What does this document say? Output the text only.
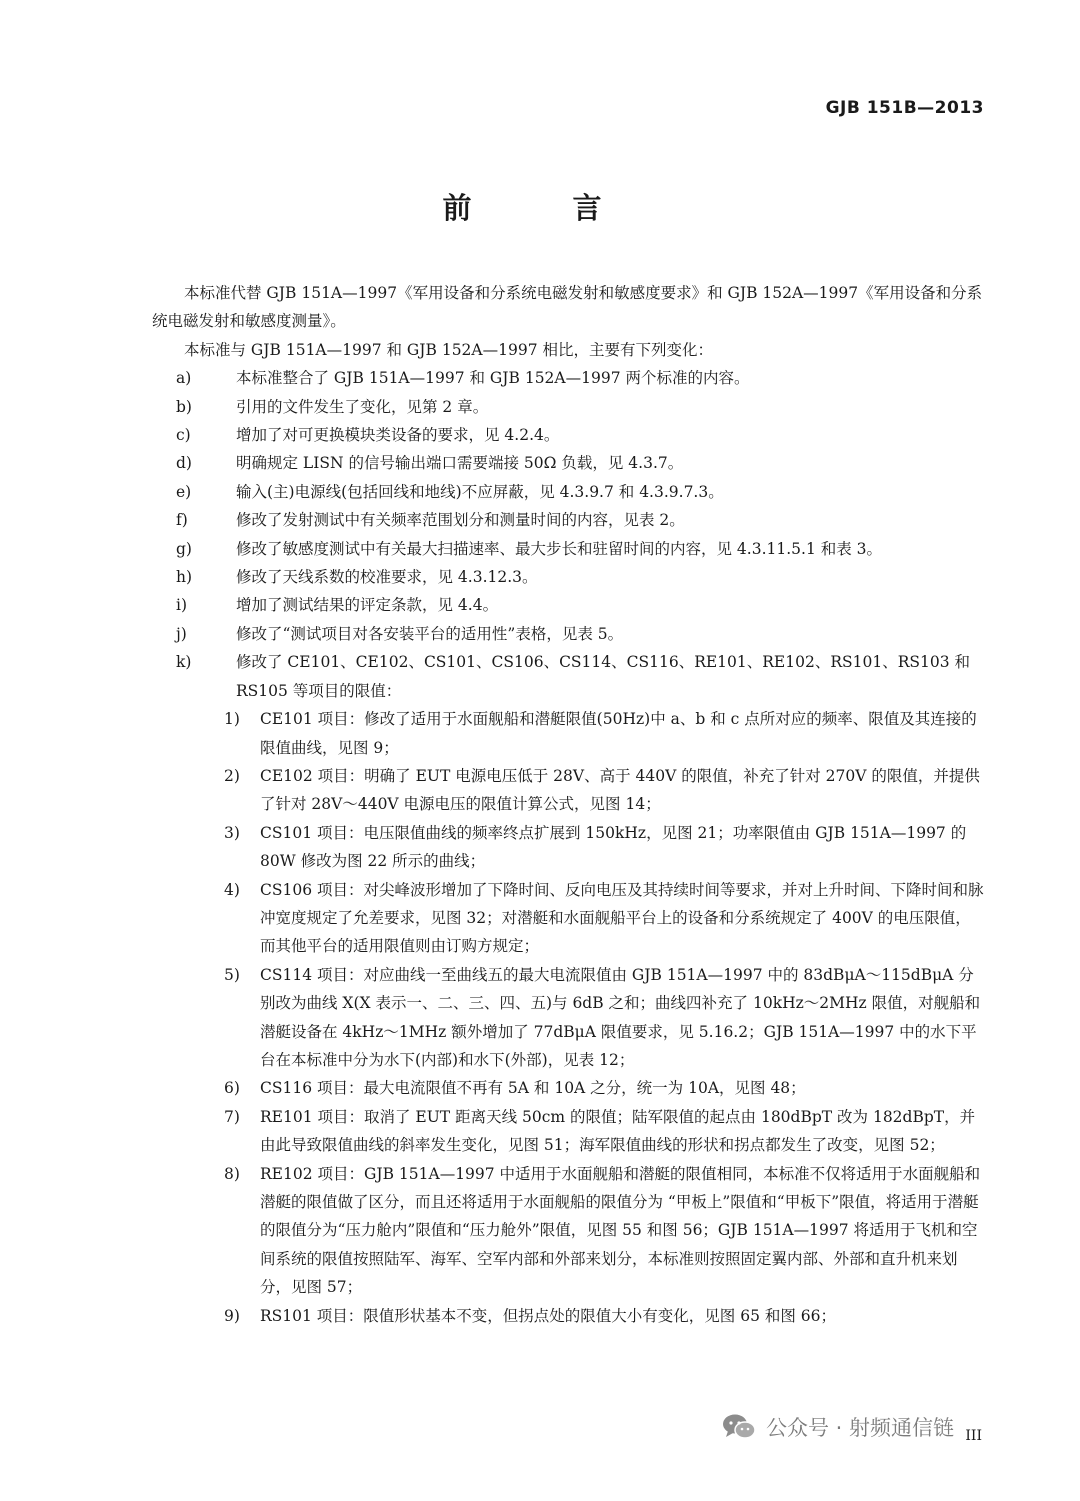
GJB 151B—2013
前　言

本标准代替 GJB 151A—1997《军用设备和分系统电磁发射和敏感度要求》和 GJB 152A—1997《军用设备和分系统电磁发射和敏感度测量》。

本标准与 GJB 151A—1997 和 GJB 152A—1997 相比，主要有下列变化：

a)	本标准整合了 GJB 151A—1997 和 GJB 152A—1997 两个标准的内容。
b)	引用的文件发生了变化，见第 2 章。
c)	增加了对可更换模块类设备的要求，见 4.2.4。
d)	明确规定 LISN 的信号输出端口需要端接 50Ω 负载，见 4.3.7。
e)	输入(主)电源线(包括回线和地线)不应屏蔽，见 4.3.9.7 和 4.3.9.7.3。
f)	修改了发射测试中有关频率范围划分和测量时间的内容，见表 2。
g)	修改了敏感度测试中有关最大扫描速率、最大步长和驻留时间的内容，见 4.3.11.5.1 和表 3。
h)	修改了天线系数的校准要求，见 4.3.12.3。
i)	增加了测试结果的评定条款，见 4.4。
j)	修改了“测试项目对各安装平台的适用性”表格，见表 5。
k)	修改了 CE101、CE102、CS101、CS106、CS114、CS116、RE101、RE102、RS101、RS103 和 RS105 等项目的限值：
1)	CE101 项目：修改了适用于水面舰船和潜艇限值(50Hz)中 a、b 和 c 点所对应的频率、限值及其连接的限值曲线，见图 9；
2)	CE102 项目：明确了 EUT 电源电压低于 28V、高于 440V 的限值，补充了针对 270V 的限值，并提供了针对 28V～440V 电源电压的限值计算公式，见图 14；
3)	CS101 项目：电压限值曲线的频率终点扩展到 150kHz，见图 21；功率限值由 GJB 151A—1997 的 80W 修改为图 22 所示的曲线；
4)	CS106 项目：对尖峰波形增加了下降时间、反向电压及其持续时间等要求，并对上升时间、下降时间和脉冲宽度规定了允差要求，见图 32；对潜艇和水面舰船平台上的设备和分系统规定了 400V 的电压限值，而其他平台的适用限值则由订购方规定；
5)	CS114 项目：对应曲线一至曲线五的最大电流限值由 GJB 151A—1997 中的 83dBμA～115dBμA 分别改为曲线 X(X 表示一、二、三、四、五)与 6dB 之和；曲线四补充了 10kHz～2MHz 限值，对舰船和潜艇设备在 4kHz～1MHz 额外增加了 77dBμA 限值要求，见 5.16.2；GJB 151A—1997 中的水下平台在本标准中分为水下(内部)和水下(外部)，见表 12；
6)	CS116 项目：最大电流限值不再有 5A 和 10A 之分，统一为 10A，见图 48；
7)	RE101 项目：取消了 EUT 距离天线 50cm 的限值；陆军限值的起点由 180dBpT 改为 182dBpT，并由此导致限值曲线的斜率发生变化，见图 51；海军限值曲线的形状和拐点都发生了改变，见图 52；
8)	RE102 项目：GJB 151A—1997 中适用于水面舰船和潜艇的限值相同，本标准不仅将适用于水面舰船和潜艇的限值做了区分，而且还将适用于水面舰船的限值分为 “甲板上”限值和“甲板下”限值，将适用于潜艇的限值分为“压力舱内”限值和“压力舱外”限值，见图 55 和图 56；GJB 151A—1997 将适用于飞机和空间系统的限值按照陆军、海军、空军内部和外部来划分，本标准则按照固定翼内部、外部和直升机来划分，见图 57；
9)	RS101 项目：限值形状基本不变，但拐点处的限值大小有变化，见图 65 和图 66；
III
公众号 · 射频通信链
